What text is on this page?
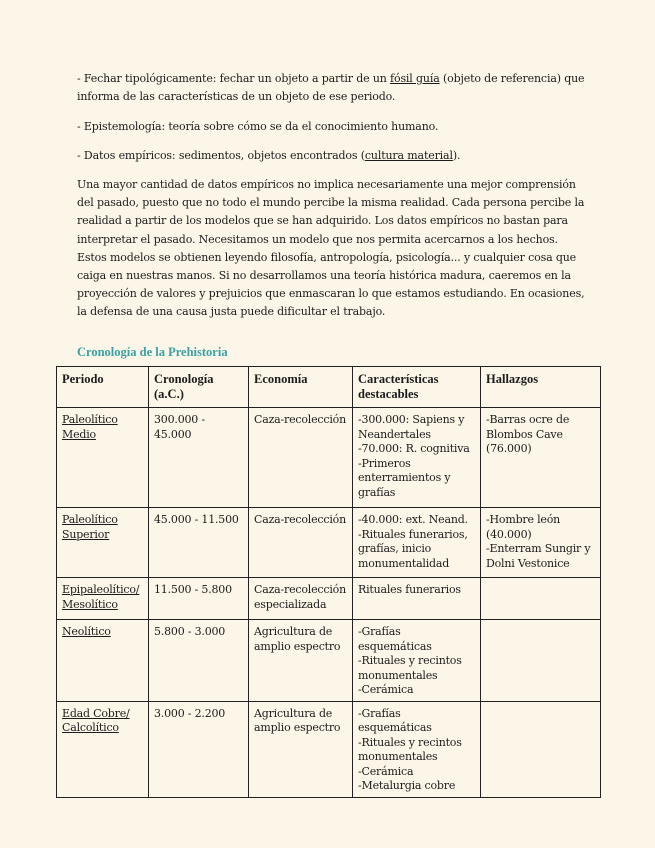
- Fechar tipológicamente: fechar un objeto a partir de un fósil guía (objeto de referencia) que informa de las características de un objeto de ese periodo.

- Epistemología: teoría sobre cómo se da el conocimiento humano.

- Datos empíricos: sedimentos, objetos encontrados (cultura material).

Una mayor cantidad de datos empíricos no implica necesariamente una mejor comprensión del pasado, puesto que no todo el mundo percibe la misma realidad. Cada persona percibe la realidad a partir de los modelos que se han adquirido. Los datos empíricos no bastan para interpretar el pasado. Necesitamos un modelo que nos permita acercarnos a los hechos. Estos modelos se obtienen leyendo filosofía, antropología, psicología... y cualquier cosa que caiga en nuestras manos. Si no desarrollamos una teoría histórica madura, caeremos en la proyección de valores y prejuicios que enmascaran lo que estamos estudiando. En ocasiones, la defensa de una causa justa puede dificultar el trabajo.

Cronología de la Prehistoria
Periodo	Cronología (a.C.)	Economía	Características destacables	Hallazgos
Paleolítico Medio	300.000 - 45.000	Caza-recolección	-300.000: Sapiens y Neandertales
-70.000: R. cognitiva
-Primeros enterramientos y grafías	-Barras ocre de Blombos Cave (76.000)

Paleolítico Superior	45.000 - 11.500	Caza-recolección	-40.000: ext. Neand.
-Rituales funerarios, grafías, inicio monumentalidad	-Hombre león (40.000)
-Enterram Sungir y Dolni Vestonice

Epipaleolítico/ Mesolítico	11.500 - 5.800	Caza-recolección especializada	Rituales funerarios	

Neolítico	5.800 - 3.000	Agricultura de amplio espectro	-Grafías esquemáticas
-Rituales y recintos monumentales
-Cerámica	

Edad Cobre/ Calcolítico	3.000 - 2.200	Agricultura de amplio espectro	-Grafías esquemáticas
-Rituales y recintos monumentales
-Cerámica
-Metalurgia cobre	
